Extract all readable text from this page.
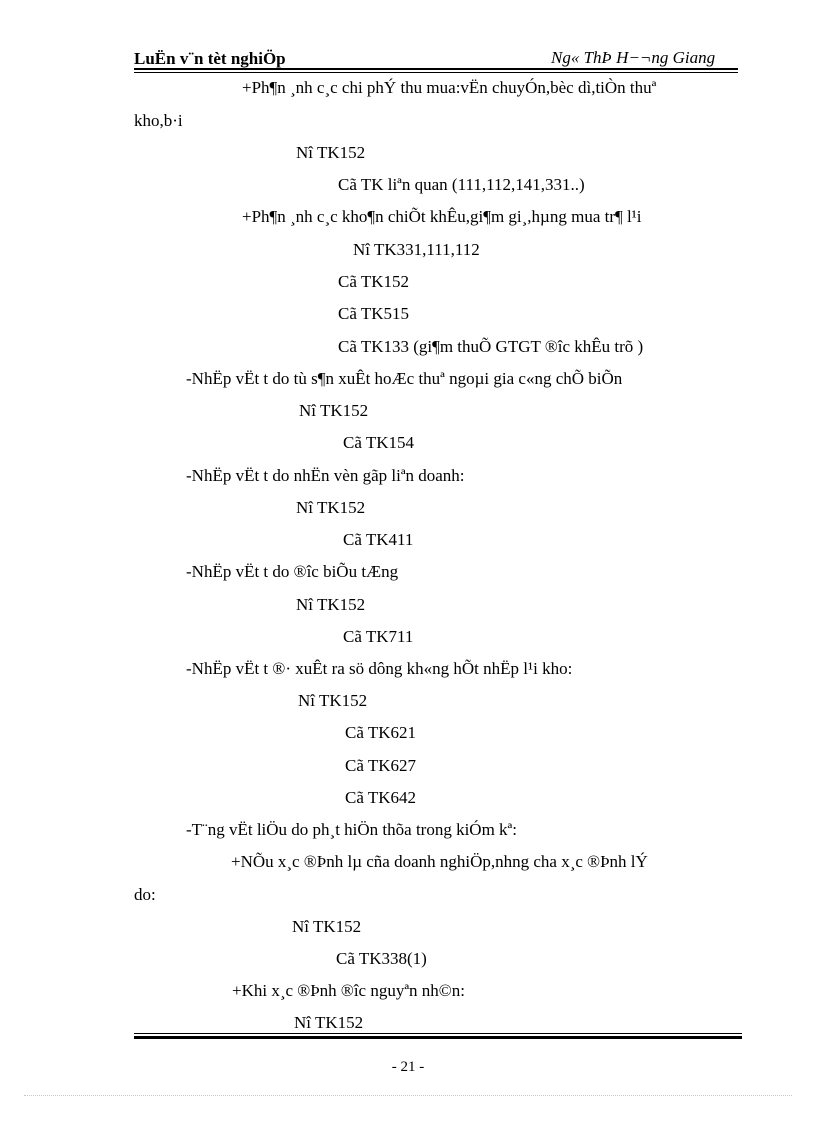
LuËn v¨n tèt nghiÖp	Ng« ThÞ H−¬ng Giang
+Ph¶n ¸nh c¸c chi phÝ thu mua:vËn chuyÓn,bèc dì,tiÒn thuª
kho,b·i
Nî TK152
Cã TK liªn quan (111,112,141,331..)
+Ph¶n ¸nh c¸c kho¶n chiÕt khÊu,gi¶m gi¸,hµng mua tr¶ l¹i
Nî TK331,111,112
Cã TK152
Cã TK515
Cã TK133 (gi¶m thuÕ GTGT ®îc khÊu trõ )
-NhËp vËt t do tù s¶n xuÊt hoÆc thuª ngoµi gia c«ng chÕ biÕn
Nî TK152
Cã TK154
-NhËp vËt t do nhËn vèn gãp liªn doanh:
Nî TK152
Cã TK411
-NhËp vËt t do ®îc biÕu tÆng
Nî TK152
Cã TK711
-NhËp vËt t ®· xuÊt ra sö dông kh«ng hÕt nhËp l¹i kho:
Nî TK152
Cã TK621
Cã TK627
Cã TK642
-T¨ng vËt liÖu do ph¸t hiÖn thõa trong kiÓm kª:
+NÕu x¸c ®Þnh lµ cña doanh nghiÖp,nhng cha x¸c ®Þnh lÝ
do:
Nî TK152
Cã TK338(1)
+Khi x¸c ®Þnh ®îc nguyªn nh©n:
Nî TK152
- 21 -
